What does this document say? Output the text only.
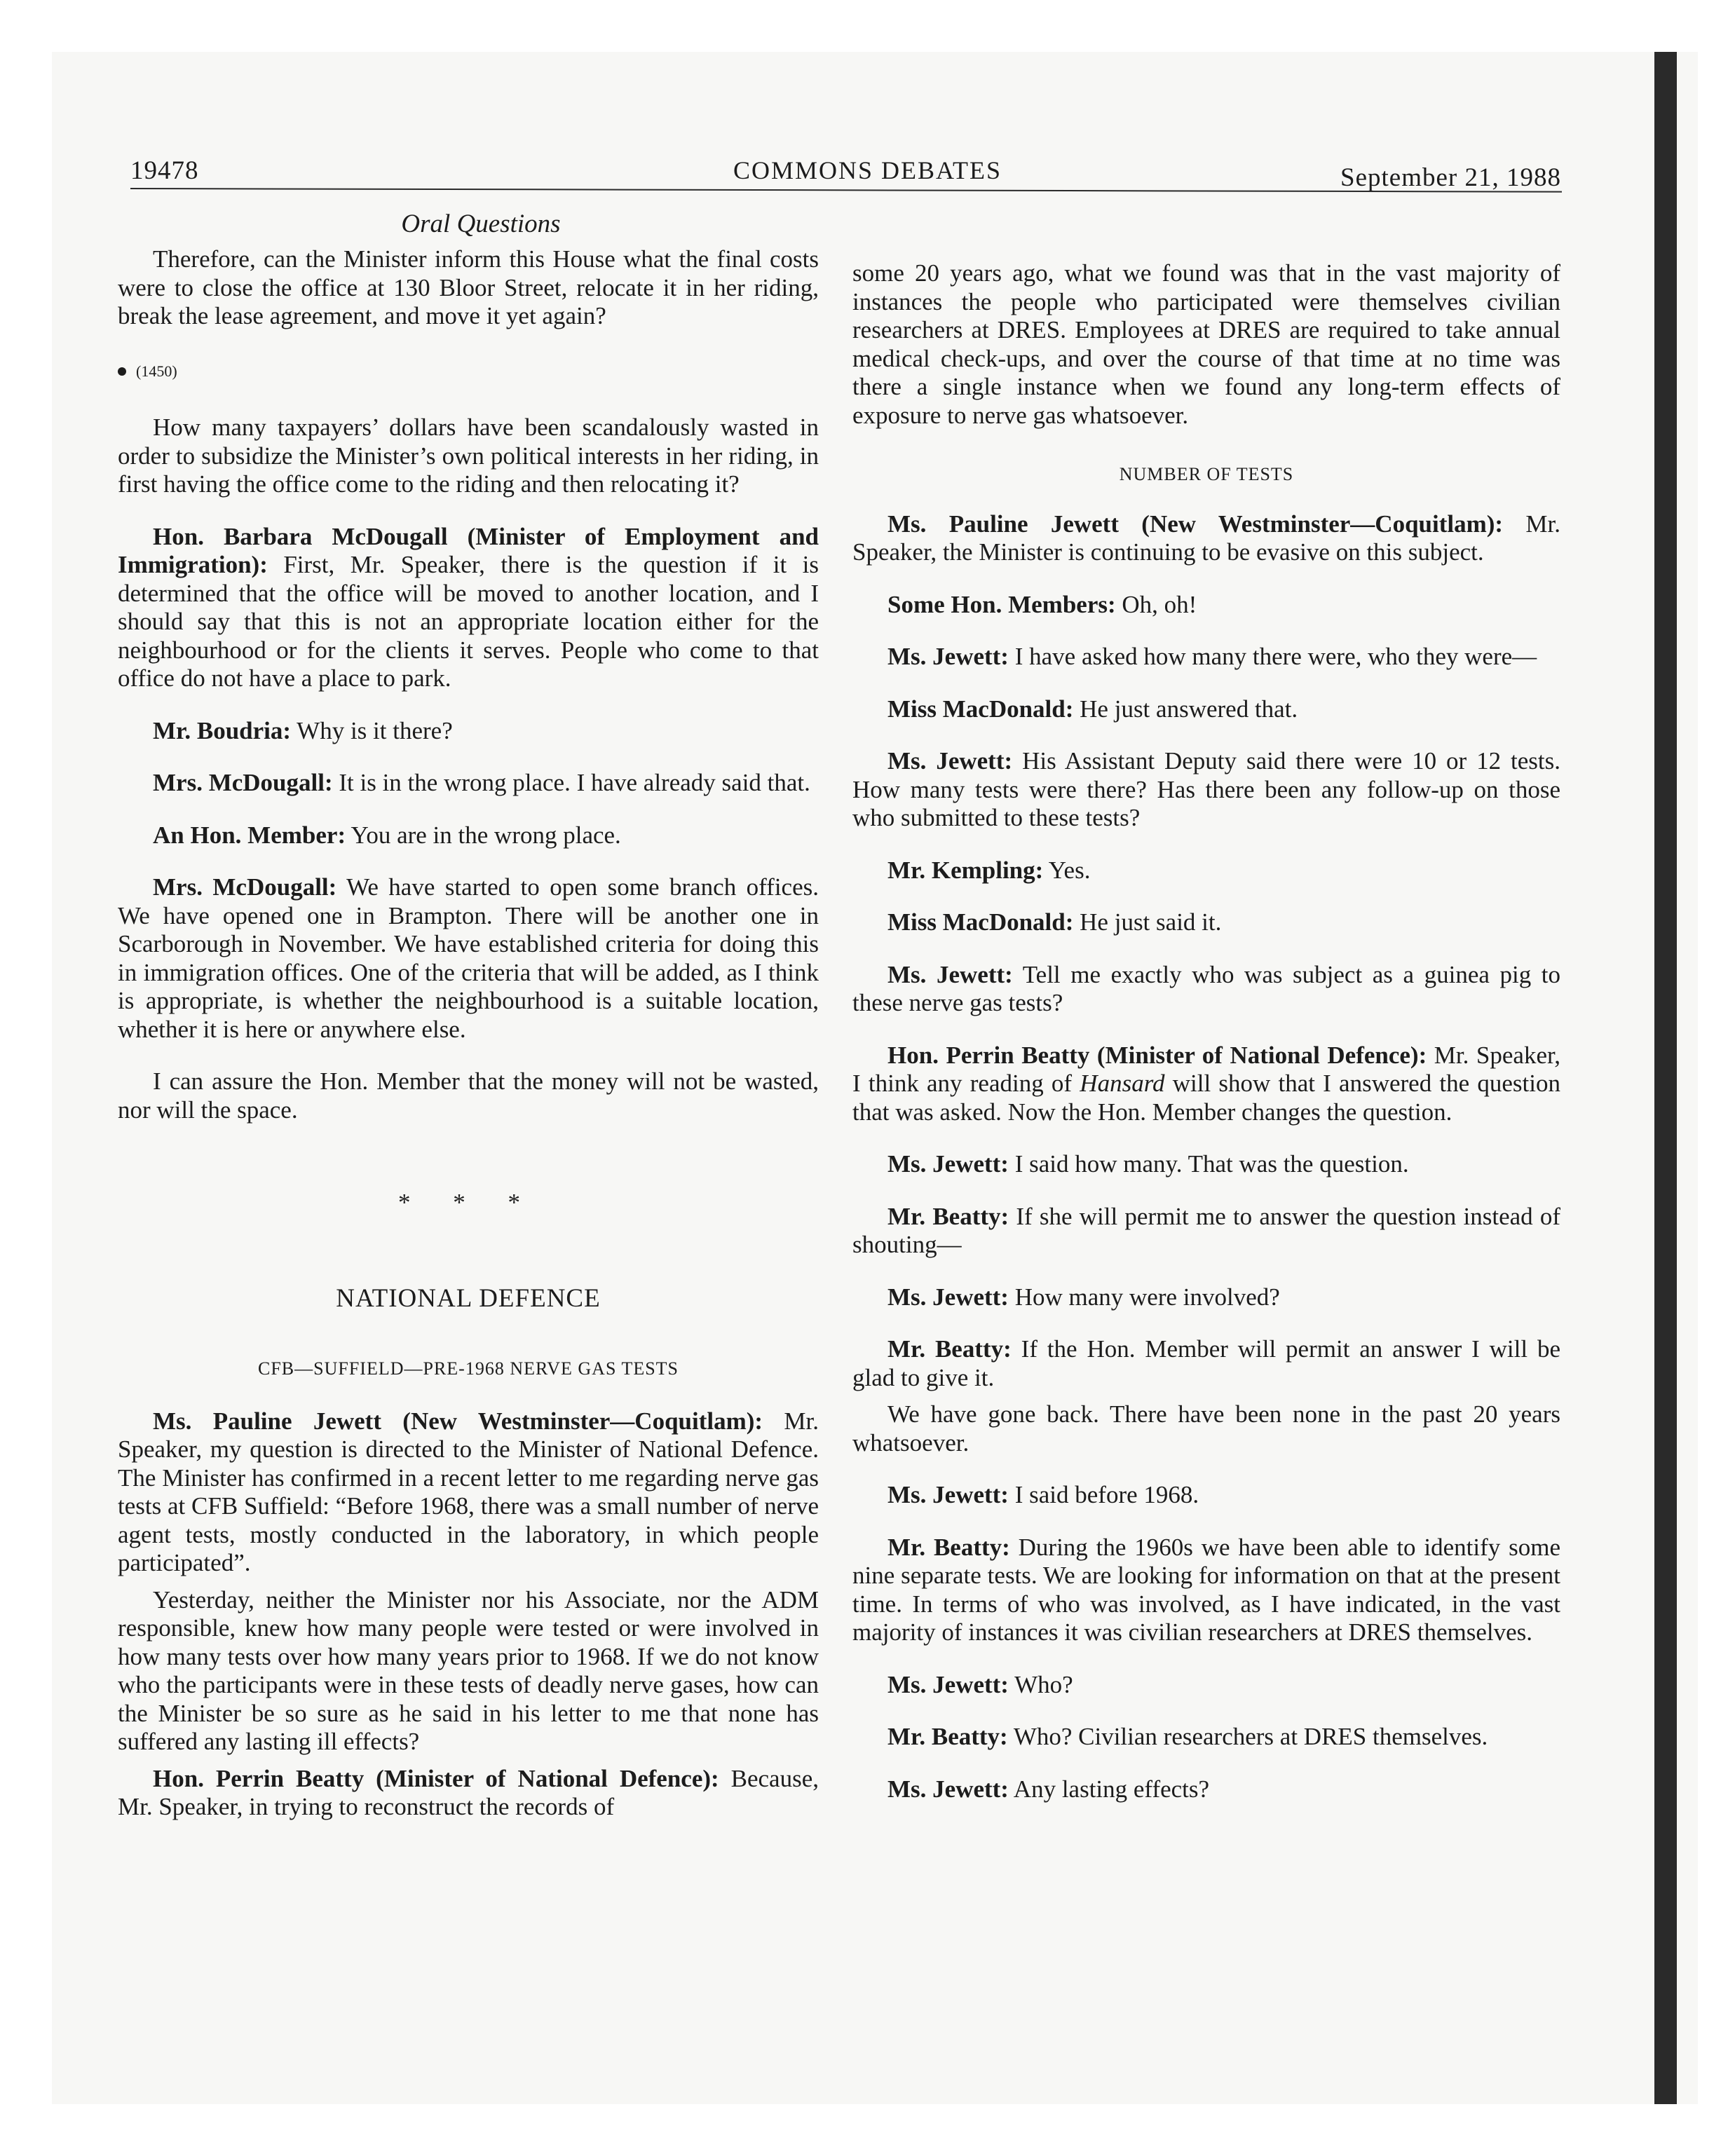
19478	COMMONS DEBATES	September 21, 1988
Oral Questions

Therefore, can the Minister inform this House what the final costs were to close the office at 130 Bloor Street, relocate it in her riding, break the lease agreement, and move it yet again?

(1450)

How many taxpayers’ dollars have been scandalously wasted in order to subsidize the Minister’s own political interests in her riding, in first having the office come to the riding and then relocating it?

Hon. Barbara McDougall (Minister of Employment and Immigration): First, Mr. Speaker, there is the question if it is determined that the office will be moved to another location, and I should say that this is not an appropriate location either for the neighbourhood or for the clients it serves. People who come to that office do not have a place to park.

Mr. Boudria: Why is it there?

Mrs. McDougall: It is in the wrong place. I have already said that.

An Hon. Member: You are in the wrong place.

Mrs. McDougall: We have started to open some branch offices. We have opened one in Brampton. There will be another one in Scarborough in November. We have established criteria for doing this in immigration offices. One of the criteria that will be added, as I think is appropriate, is whether the neighbourhood is a suitable location, whether it is here or anywhere else.

I can assure the Hon. Member that the money will not be wasted, nor will the space.

* * *
NATIONAL DEFENCE
CFB—SUFFIELD—PRE-1968 NERVE GAS TESTS

Ms. Pauline Jewett (New Westminster—Coquitlam): Mr. Speaker, my question is directed to the Minister of National Defence. The Minister has confirmed in a recent letter to me regarding nerve gas tests at CFB Suffield: “Before 1968, there was a small number of nerve agent tests, mostly conducted in the laboratory, in which people participated”.

Yesterday, neither the Minister nor his Associate, nor the ADM responsible, knew how many people were tested or were involved in how many tests over how many years prior to 1968. If we do not know who the participants were in these tests of deadly nerve gases, how can the Minister be so sure as he said in his letter to me that none has suffered any lasting ill effects?

Hon. Perrin Beatty (Minister of National Defence): Because, Mr. Speaker, in trying to reconstruct the records of

some 20 years ago, what we found was that in the vast majority of instances the people who participated were themselves civilian researchers at DRES. Employees at DRES are required to take annual medical check-ups, and over the course of that time at no time was there a single instance when we found any long-term effects of exposure to nerve gas whatsoever.

NUMBER OF TESTS

Ms. Pauline Jewett (New Westminster—Coquitlam): Mr. Speaker, the Minister is continuing to be evasive on this subject.

Some Hon. Members: Oh, oh!

Ms. Jewett: I have asked how many there were, who they were—

Miss MacDonald: He just answered that.

Ms. Jewett: His Assistant Deputy said there were 10 or 12 tests. How many tests were there? Has there been any follow-up on those who submitted to these tests?

Mr. Kempling: Yes.

Miss MacDonald: He just said it.

Ms. Jewett: Tell me exactly who was subject as a guinea pig to these nerve gas tests?

Hon. Perrin Beatty (Minister of National Defence): Mr. Speaker, I think any reading of Hansard will show that I answered the question that was asked. Now the Hon. Member changes the question.

Ms. Jewett: I said how many. That was the question.

Mr. Beatty: If she will permit me to answer the question instead of shouting—

Ms. Jewett: How many were involved?

Mr. Beatty: If the Hon. Member will permit an answer I will be glad to give it.

We have gone back. There have been none in the past 20 years whatsoever.

Ms. Jewett: I said before 1968.

Mr. Beatty: During the 1960s we have been able to identify some nine separate tests. We are looking for information on that at the present time. In terms of who was involved, as I have indicated, in the vast majority of instances it was civilian researchers at DRES themselves.

Ms. Jewett: Who?

Mr. Beatty: Who? Civilian researchers at DRES themselves.

Ms. Jewett: Any lasting effects?
